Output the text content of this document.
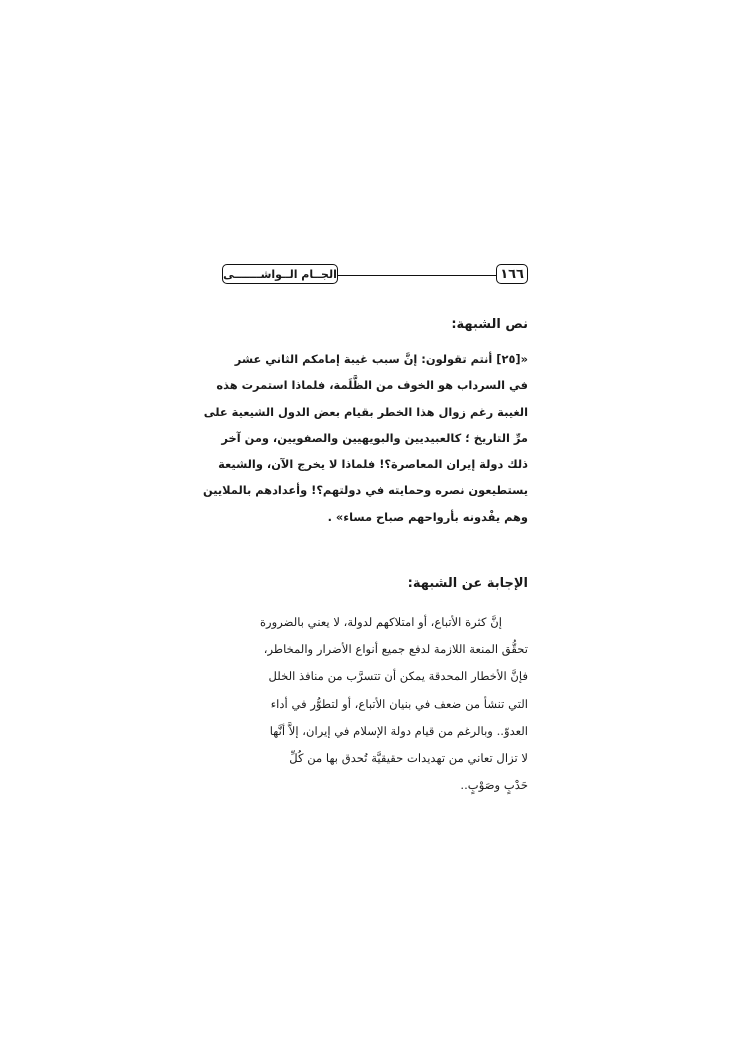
١٦٦
الجــام الــواشـــــــى
نص الشبهة:
«[٢٥] أنتم تقولون: إنَّ سبب غيبة إمامكم الثاني عشر
في السرداب هو الخوف من الظَّلَمة، فلماذا استمرت هذه
الغيبة رغم زوال هذا الخطر بقيام بعض الدول الشيعية على
مرِّ التاريخ ؛ كالعبيديين والبويهيين والصفويين، ومن آخر
ذلك دولة إيران المعاصرة؟! فلماذا لا يخرج الآن، والشيعة
يستطيعون نصره وحمايته في دولتهم؟! وأعدادهم بالملايين
وهم يفْدونه بأرواحهم صباح مساء» .
الإجابة عن الشبهة:
إنَّ كثرة الأتباع، أو امتلاكهم لدولة، لا يعني بالضرورة
تحقُّق المنعة اللازمة لدفع جميع أنواع الأضرار والمخاطر،
فإنَّ الأخطار المحدقة يمكن أن تتسرَّب من منافذ الخلل
التي تنشأ من ضعف في بنيان الأتباع، أو لتطوُّر في أداء
العدوّ.. وبالرغم من قيام دولة الإسلام في إيران، إلاَّ أنَّها
لا تزال تعاني من تهديدات حقيقيَّة تُحدق بها من كُلِّ
حَدْبٍ وصَوْبٍ..
